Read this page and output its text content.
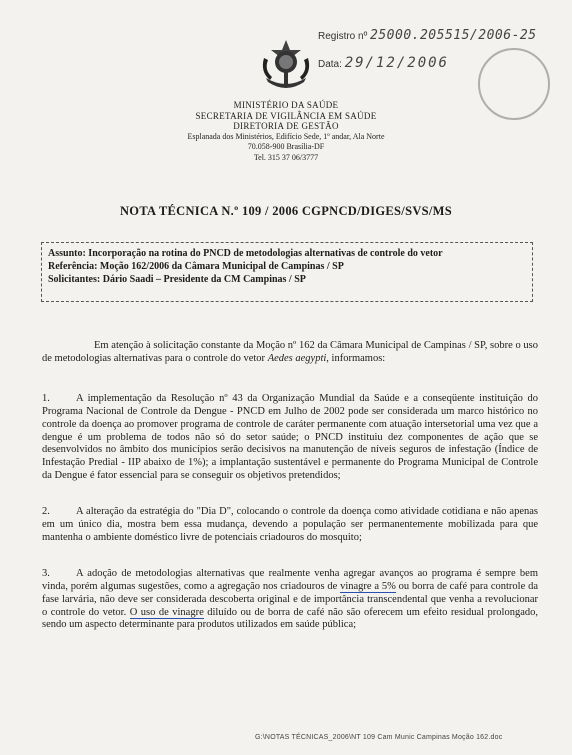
Registro nº 25000.205515/2006-25
Data: 29/12/2006
MINISTÉRIO DA SAÚDE
SECRETARIA DE VIGILÂNCIA EM SAÚDE
DIRETORIA DE GESTÃO
Esplanada dos Ministérios, Edifício Sede, 1º andar, Ala Norte
70.058-900 Brasília-DF
Tel. 315 37 06/3777
NOTA TÉCNICA N.º 109 / 2006 CGPNCD/DIGES/SVS/MS
Assunto: Incorporação na rotina do PNCD de metodologias alternativas de controle do vetor
Referência: Moção 162/2006 da Câmara Municipal de Campinas / SP
Solicitantes: Dário Saadi – Presidente da CM Campinas / SP

Em atenção à solicitação constante da Moção nº 162 da Câmara Municipal de Campinas / SP, sobre o uso de metodologias alternativas para o controle do vetor Aedes aegypti, informamos:

1. A implementação da Resolução nº 43 da Organização Mundial da Saúde e a conseqüente instituição do Programa Nacional de Controle da Dengue - PNCD em Julho de 2002 pode ser considerada um marco histórico no controle da doença ao promover programa de controle de caráter permanente com atuação intersetorial uma vez que a dengue é um problema de todos não só do setor saúde; o PNCD instituiu dez componentes de ação que se desenvolvidos no âmbito dos municípios serão decisivos na manutenção de níveis seguros de infestação (Índice de Infestação Predial - IIP abaixo de 1%); a implantação sustentável e permanente do Programa Municipal de Controle da Dengue é fator essencial para se conseguir os objetivos pretendidos;

2. A alteração da estratégia do "Dia D", colocando o controle da doença como atividade cotidiana e não apenas em um único dia, mostra bem essa mudança, devendo a população ser permanentemente mobilizada para que mantenha o ambiente doméstico livre de potenciais criadouros do mosquito;

3. A adoção de metodologias alternativas que realmente venha agregar avanços ao programa é sempre bem vinda, porém algumas sugestões, como a agregação nos criadouros de vinagre a 5% ou borra de café para controle da fase larvária, não deve ser considerada descoberta original e de importância transcendental que venha a revolucionar o controle do vetor. O uso de vinagre diluído ou de borra de café não são oferecem um efeito residual prolongado, sendo um aspecto determinante para produtos utilizados em saúde pública;

G:\NOTAS TÉCNICAS_2006\NT 109 Cam Munic Campinas Moção 162.doc
